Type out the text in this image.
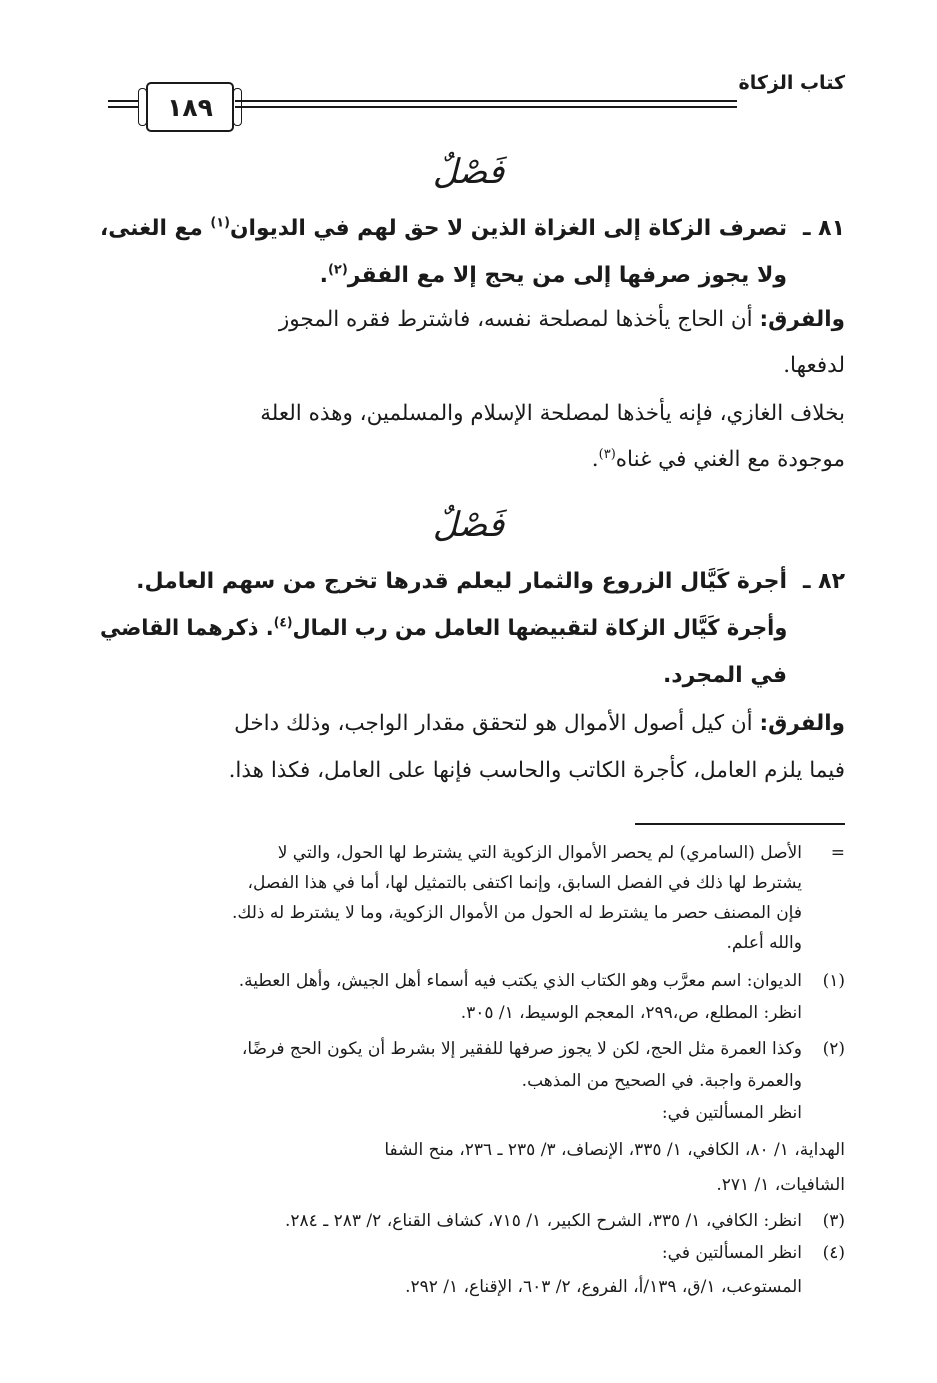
كتاب الزكاة
١٨٩
فَصْلٌ
٨١ ـ
تصرف الزكاة إلى الغزاة الذين لا حق لهم في الديوان$^{(١)}$ مع الغنى،
ولا يجوز صرفها إلى من يحج إلا مع الفقر$^{(٢)}$.
والفرق: أن الحاج يأخذها لمصلحة نفسه، فاشترط فقره المجوز
لدفعها.
بخلاف الغازي، فإنه يأخذها لمصلحة الإسلام والمسلمين، وهذه العلة
موجودة مع الغني في غناه$^{(٣)}$.
فَصْلٌ
٨٢ ـ
أجرة كَيَّال الزروع والثمار ليعلم قدرها تخرج من سهم العامل.
وأجرة كَيَّال الزكاة لتقبيضها العامل من رب المال$^{(٤)}$. ذكرهما القاضي
في المجرد.
والفرق: أن كيل أصول الأموال هو لتحقق مقدار الواجب، وذلك داخل
فيما يلزم العامل، كأجرة الكاتب والحاسب فإنها على العامل، فكذا هذا.
=
الأصل (السامري) لم يحصر الأموال الزكوية التي يشترط لها الحول، والتي لا
يشترط لها ذلك في الفصل السابق، وإنما اكتفى بالتمثيل لها، أما في هذا الفصل،
فإن المصنف حصر ما يشترط له الحول من الأموال الزكوية، وما لا يشترط له ذلك.
والله أعلم.
(١)
الديوان: اسم معرَّب وهو الكتاب الذي يكتب فيه أسماء أهل الجيش، وأهل العطية.
انظر: المطلع، ص،٢٩٩، المعجم الوسيط، ١/ ٣٠٥.
(٢)
وكذا العمرة مثل الحج، لكن لا يجوز صرفها للفقير إلا بشرط أن يكون الحج فرضًا،
والعمرة واجبة. في الصحيح من المذهب.
انظر المسألتين في:
الهداية، ١/ ٨٠، الكافي، ١/ ٣٣٥، الإنصاف، ٣/ ٢٣٥ ـ ٢٣٦، منح الشفا
الشافيات، ١/ ٢٧١.
(٣)
انظر: الكافي، ١/ ٣٣٥، الشرح الكبير، ١/ ٧١٥، كشاف القناع، ٢/ ٢٨٣ ـ ٢٨٤.
(٤)
انظر المسألتين في:
المستوعب، ١/ق، ١٣٩/أ، الفروع، ٢/ ٦٠٣، الإقناع، ١/ ٢٩٢.
